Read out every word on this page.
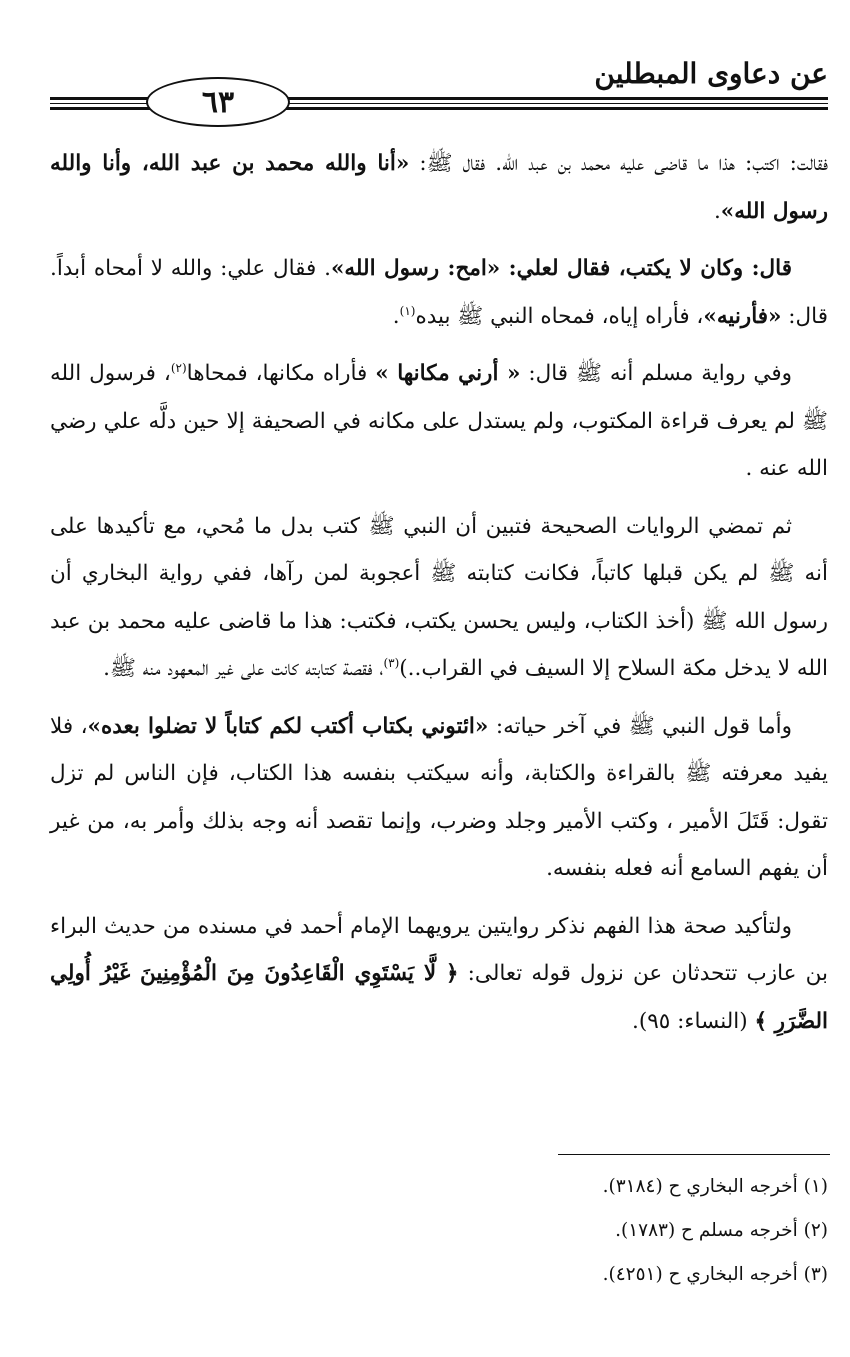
عن دعاوى المبطلين
٦٣

فقالت: اكتب: هذا ما قاضى عليه محمد بن عبد الله. فقال ﷺ: «أنا والله محمد بن عبد الله، وأنا والله رسول الله».

قال: وكان لا يكتب، فقال لعلي: «امح: رسول الله». فقال علي: والله لا أمحاه أبداً. قال: «فأرنيه»، فأراه إياه، فمحاه النبي ﷺ بيده$^{(١)}$.

وفي رواية مسلم أنه ﷺ قال: « أرني مكانها » فأراه مكانها، فمحاها$^{(٢)}$، فرسول الله ﷺ لم يعرف قراءة المكتوب، ولم يستدل على مكانه في الصحيفة إلا حين دلَّه علي رضي الله عنه .

ثم تمضي الروايات الصحيحة فتبين أن النبي ﷺ كتب بدل ما مُحي، مع تأكيدها على أنه ﷺ لم يكن قبلها كاتباً، فكانت كتابته ﷺ أعجوبة لمن رآها، ففي رواية البخاري أن رسول الله ﷺ (أخذ الكتاب، وليس يحسن يكتب، فكتب: هذا ما قاضى عليه محمد بن عبد الله لا يدخل مكة السلاح إلا السيف في القراب..)$^{(٣)}$، فقصة كتابته كانت على غير المعهود منه ﷺ.

وأما قول النبي ﷺ في آخر حياته: «ائتوني بكتاب أكتب لكم كتاباً لا تضلوا بعده»، فلا يفيد معرفته ﷺ بالقراءة والكتابة، وأنه سيكتب بنفسه هذا الكتاب، فإن الناس لم تزل تقول: قَتَلَ الأمير ، وكتب الأمير وجلد وضرب، وإنما تقصد أنه وجه بذلك وأمر به، من غير أن يفهم السامع أنه فعله بنفسه.

ولتأكيد صحة هذا الفهم نذكر روايتين يرويهما الإمام أحمد في مسنده من حديث البراء بن عازب تتحدثان عن نزول قوله تعالى: ﴿ لَّا يَسْتَوِي الْقَاعِدُونَ مِنَ الْمُؤْمِنِينَ غَيْرُ أُولِي الضَّرَرِ ﴾ (النساء: ٩٥).

(١) أخرجه البخاري ح (٣١٨٤).
(٢) أخرجه مسلم ح (١٧٨٣).
(٣) أخرجه البخاري ح (٤٢٥١).
